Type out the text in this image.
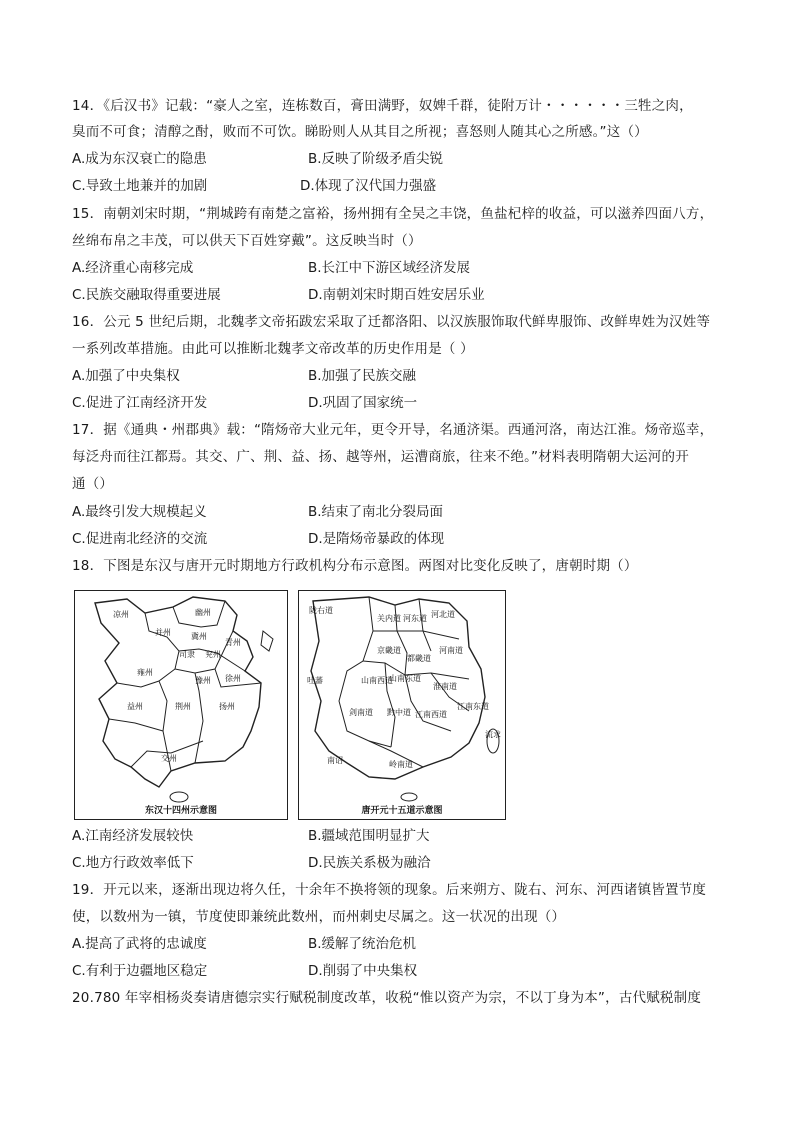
14．《后汉书》记载：“豪人之室，连栋数百，膏田满野，奴婢千群，徒附万计・・・・・・三牲之肉，
臭而不可食；清醇之酎，败而不可饮。睇盼则人从其目之所视；喜怒则人随其心之所感。”这（）
A.成为东汉衰亡的隐患	B.反映了阶级矛盾尖锐
C.导致土地兼并的加剧	D.体现了汉代国力强盛
15．南朝刘宋时期，“荆城跨有南楚之富裕，扬州拥有全吴之丰饶，鱼盐杞梓的收益，可以滋养四面八方，
丝绵布帛之丰茂，可以供天下百姓穿戴”。这反映当时（）
A.经济重心南移完成	B.长江中下游区域经济发展
C.民族交融取得重要进展	D.南朝刘宋时期百姓安居乐业
16．公元 5 世纪后期，北魏孝文帝拓跋宏采取了迁都洛阳、以汉族服饰取代鲜卑服饰、改鲜卑姓为汉姓等
一系列改革措施。由此可以推断北魏孝文帝改革的历史作用是（ ）
A.加强了中央集权	B.加强了民族交融
C.促进了江南经济开发	D.巩固了国家统一
17．据《通典・州郡典》载：“隋炀帝大业元年，更令开导，名通济渠。西通河洛，南达江淮。炀帝巡幸，
每泛舟而往江都焉。其交、广、荆、益、扬、越等州，运漕商旅，往来不绝。”材料表明隋朝大运河的开
通（）
A.最终引发大规模起义	B.结束了南北分裂局面
C.促进南北经济的交流	D.是隋炀帝暴政的体现
18．下图是东汉与唐开元时期地方行政机构分布示意图。两图对比变化反映了，唐朝时期（）
凉州	幽州
并州	冀州
司隶 兖州
青州
雍州
豫州 徐州
益州	荆州	扬州
交州
东汉十四州示意图
陇右道
关内道 河东道 河北道
河南道
京畿道
都畿道
山南东道
山南西道
淮南道
剑南道 黔中道 江南西道
江南东道
岭南道
吐蕃
南诏
流求
唐开元十五道示意图
A.江南经济发展较快	B.疆域范围明显扩大
C.地方行政效率低下	D.民族关系极为融洽
19．开元以来，逐渐出现边将久任，十余年不换将领的现象。后来朔方、陇右、河东、河西诸镇皆置节度
使，以数州为一镇，节度使即兼统此数州，而州刺史尽属之。这一状况的出现（）
A.提高了武将的忠诚度	B.缓解了统治危机
C.有利于边疆地区稳定	D.削弱了中央集权
20.780 年宰相杨炎奏请唐德宗实行赋税制度改革，收税“惟以资产为宗，不以丁身为本”，古代赋税制度
